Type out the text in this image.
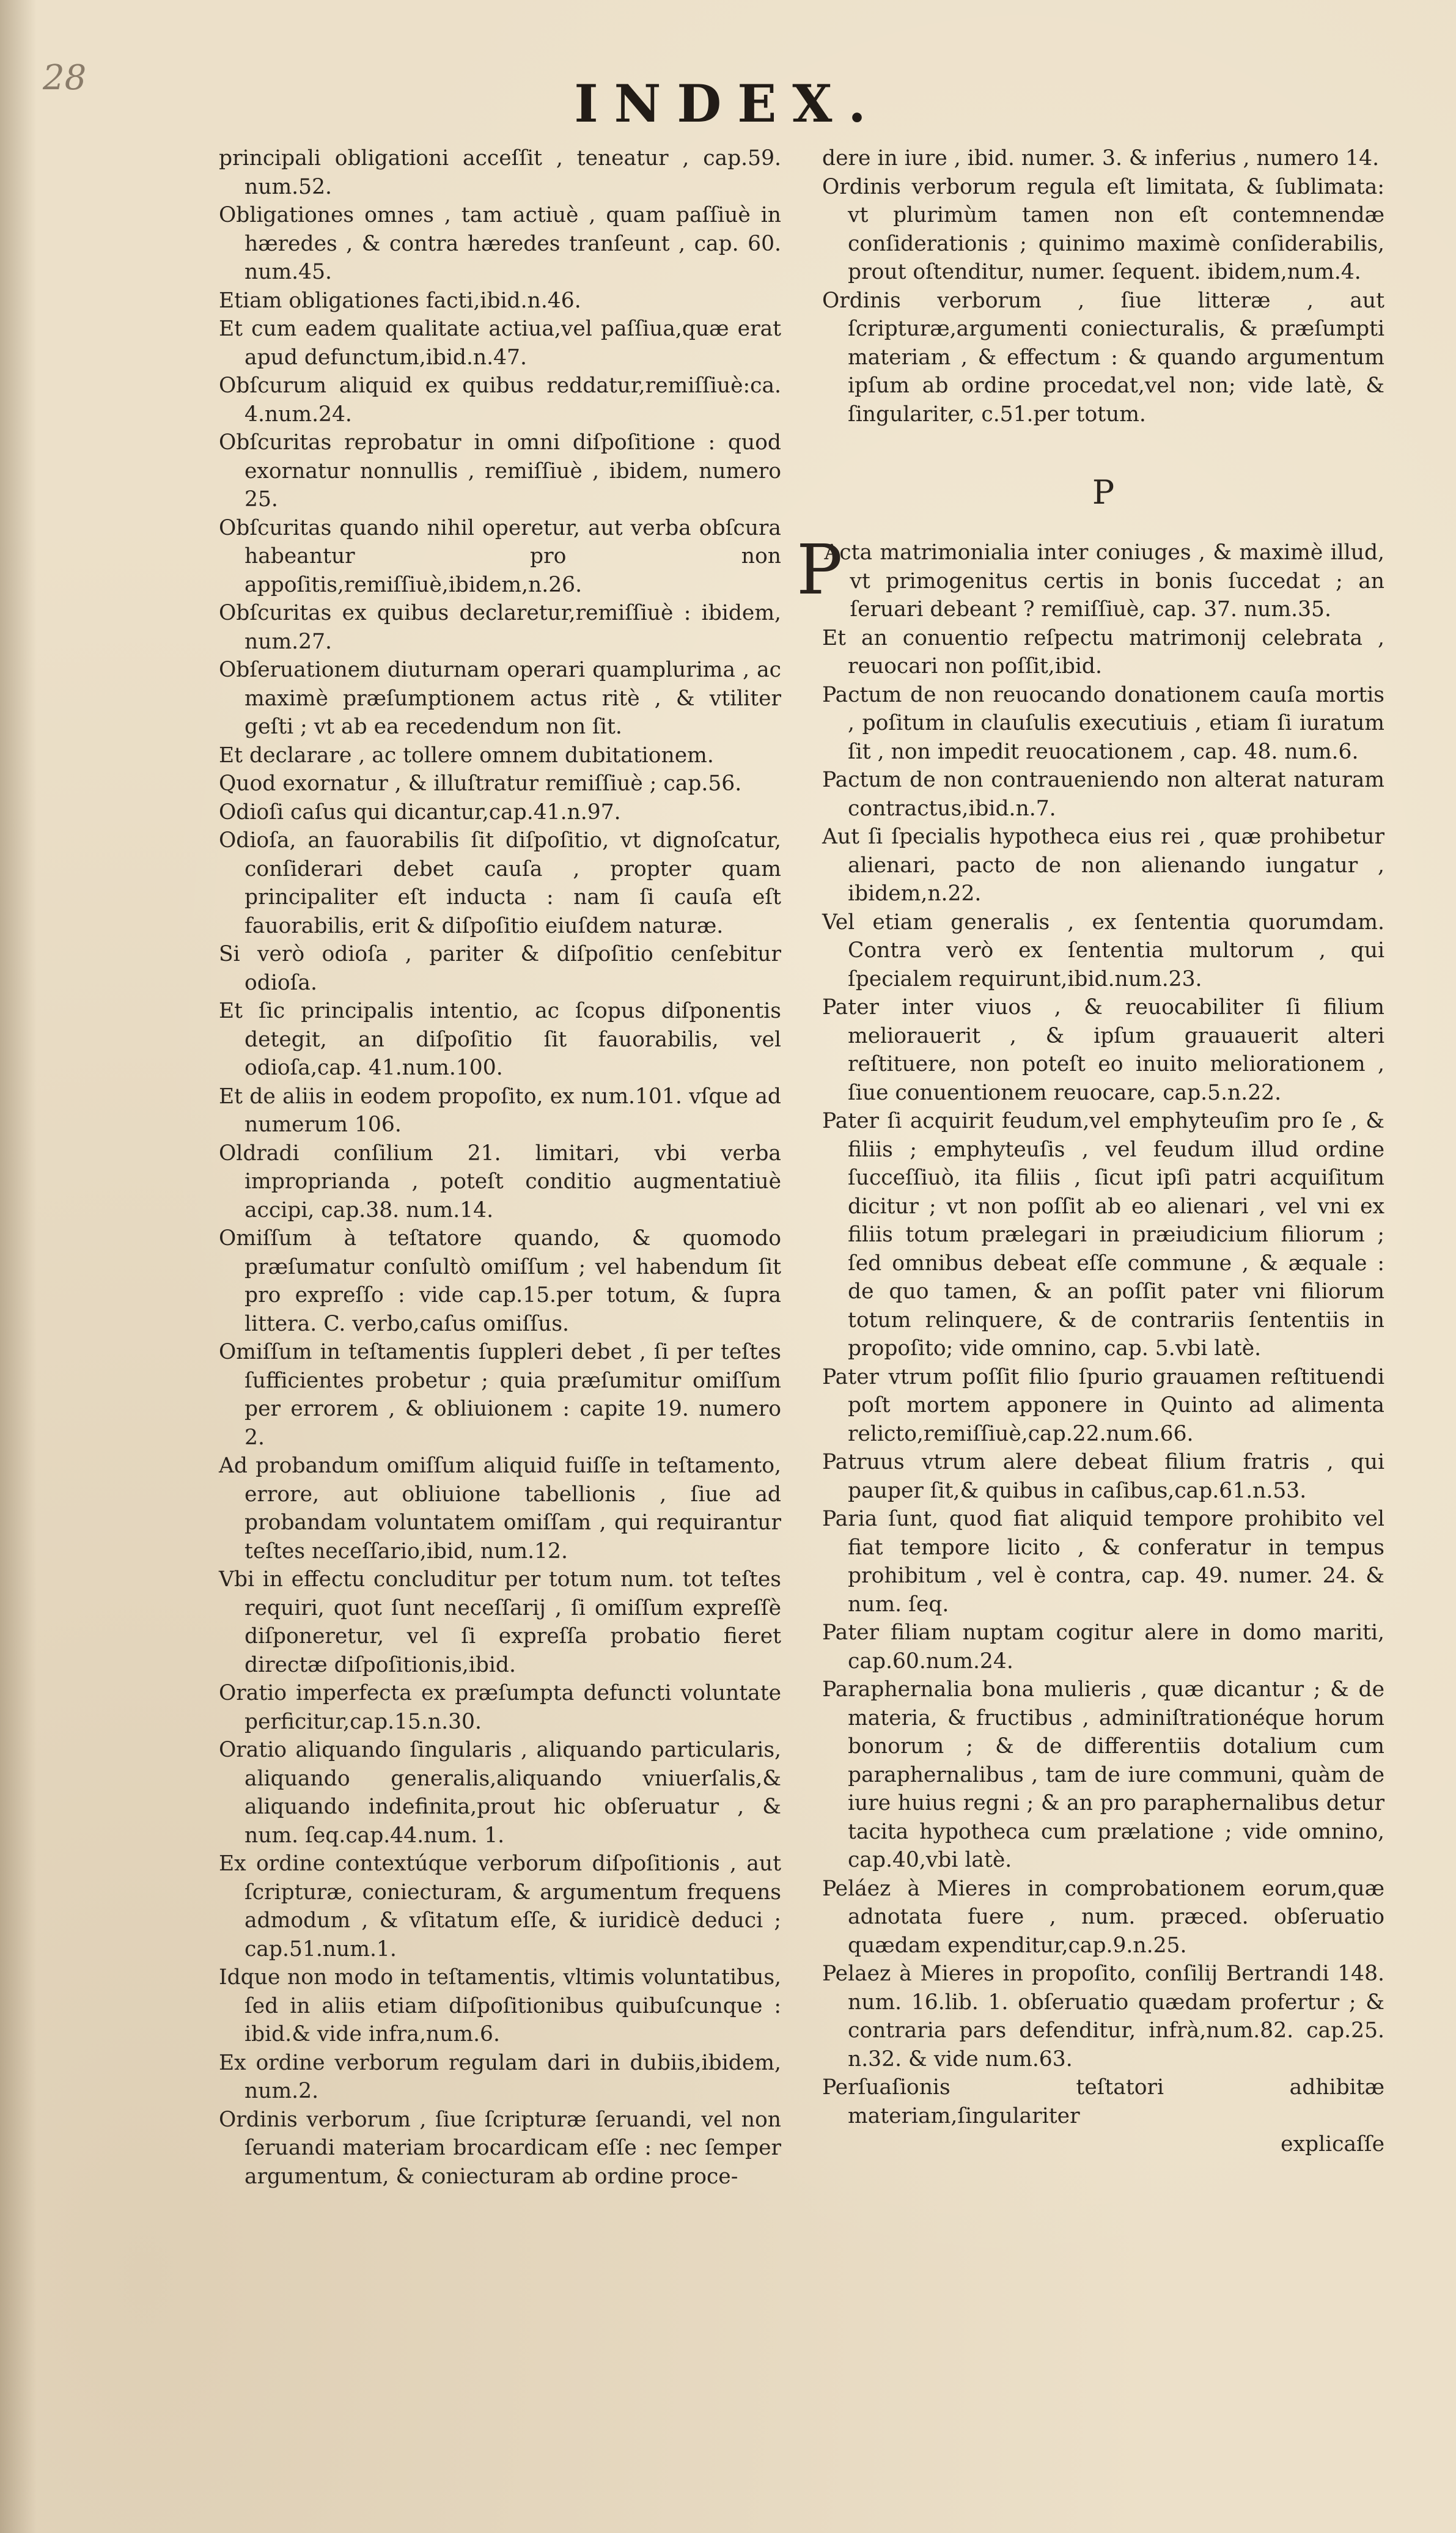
28	INDEX.

principali obligationi acceſſit , teneatur , cap.59. num.52.

Obligationes omnes , tam actiuè , quam paſſiuè in hæredes , & contra hæredes tranſeunt , cap. 60. num.45.

Etiam obligationes facti,ibid.n.46.

Et cum eadem qualitate actiua,vel paſſiua,quæ erat apud defunctum,ibid.n.47.

Obſcurum aliquid ex quibus reddatur,remiſſiuè:ca. 4.num.24.

Obſcuritas reprobatur in omni diſpoſitione : quod exornatur nonnullis , remiſſiuè , ibidem, numero 25.

Obſcuritas quando nihil operetur, aut verba obſcura habeantur pro non appoſitis,remiſſiuè,ibidem,n.26.

Obſcuritas ex quibus declaretur,remiſſiuè : ibidem, num.27.

Obſeruationem diuturnam operari quamplurima , ac maximè præſumptionem actus ritè , & vtiliter geſti ; vt ab ea recedendum non ſit.

Et declarare , ac tollere omnem dubitationem.

Quod exornatur , & illuſtratur remiſſiuè ; cap.56.

Odioſi caſus qui dicantur,cap.41.n.97.

Odioſa, an fauorabilis ſit diſpoſitio, vt dignoſcatur, conſiderari debet cauſa , propter quam principaliter eſt inducta : nam ſi cauſa eſt fauorabilis, erit & diſpoſitio eiuſdem naturæ.

Si verò odioſa , pariter & diſpoſitio cenſebitur odioſa.

Et ſic principalis intentio, ac ſcopus diſponentis detegit, an diſpoſitio ſit fauorabilis, vel odioſa,cap. 41.num.100.

Et de aliis in eodem propoſito, ex num.101. vſque ad numerum 106.

Oldradi conſilium 21. limitari, vbi verba improprianda , poteſt conditio augmentatiuè accipi, cap.38. num.14.

Omiſſum à teſtatore quando, & quomodo præſumatur conſultò omiſſum ; vel habendum ſit pro expreſſo : vide cap.15.per totum, & ſupra littera. C. verbo,caſus omiſſus.

Omiſſum in teſtamentis ſuppleri debet , ſi per teſtes ſufficientes probetur ; quia præſumitur omiſſum per errorem , & obliuionem : capite 19. numero 2.

Ad probandum omiſſum aliquid fuiſſe in teſtamento, errore, aut obliuione tabellionis , ſiue ad probandam voluntatem omiſſam , qui requirantur teſtes neceſſario,ibid, num.12.

Vbi in effectu concluditur per totum num. tot teſtes requiri, quot ſunt neceſſarij , ſi omiſſum expreſſè diſponeretur, vel ſi expreſſa probatio fieret directæ diſpoſitionis,ibid.

Oratio imperfecta ex præſumpta defuncti voluntate perficitur,cap.15.n.30.

Oratio aliquando ſingularis , aliquando particularis, aliquando generalis,aliquando vniuerſalis,& aliquando indefinita,prout hic obſeruatur , & num. ſeq.cap.44.num. 1.

Ex ordine contextúque verborum diſpoſitionis , aut ſcripturæ, coniecturam, & argumentum frequens admodum , & vſitatum eſſe, & iuridicè deduci ; cap.51.num.1.

Idque non modo in teſtamentis, vltimis voluntatibus, ſed in aliis etiam diſpoſitionibus quibuſcunque : ibid.& vide infra,num.6.

Ex ordine verborum regulam dari in dubiis,ibidem, num.2.

Ordinis verborum , ſiue ſcripturæ ſeruandi, vel non ſeruandi materiam brocardicam eſſe : nec ſemper argumentum, & coniecturam ab ordine proce-

dere in iure , ibid. numer. 3. & inferius , numero 14.

Ordinis verborum regula eſt limitata, & ſublimata: vt plurimùm tamen non eſt contemnendæ conſiderationis ; quinimo maximè conſiderabilis, prout oſtenditur, numer. ſequent. ibidem,num.4.

Ordinis verborum , ſiue litteræ , aut ſcripturæ,argumenti coniecturalis, & præſumpti materiam , & effectum : & quando argumentum ipſum ab ordine procedat,vel non; vide latè, & ſingulariter, c.51.per totum.

P

PActa matrimonialia inter coniuges , & maximè illud, vt primogenitus certis in bonis ſuccedat ; an ſeruari debeant ? remiſſiuè, cap. 37. num.35.

Et an conuentio reſpectu matrimonij celebrata , reuocari non poſſit,ibid.

Pactum de non reuocando donationem cauſa mortis , poſitum in clauſulis executiuis , etiam ſi iuratum ſit , non impedit reuocationem , cap. 48. num.6.

Pactum de non contraueniendo non alterat naturam contractus,ibid.n.7.

Aut ſi ſpecialis hypotheca eius rei , quæ prohibetur alienari, pacto de non alienando iungatur , ibidem,n.22.

Vel etiam generalis , ex ſententia quorumdam. Contra verò ex ſententia multorum , qui ſpecialem requirunt,ibid.num.23.

Pater inter viuos , & reuocabiliter ſi filium meliorauerit , & ipſum grauauerit alteri reſtituere, non poteſt eo inuito meliorationem , ſiue conuentionem reuocare, cap.5.n.22.

Pater ſi acquirit feudum,vel emphyteuſim pro ſe , & filiis ; emphyteuſis , vel feudum illud ordine ſucceſſiuò, ita filiis , ſicut ipſi patri acquiſitum dicitur ; vt non poſſit ab eo alienari , vel vni ex filiis totum prælegari in præiudicium filiorum ; ſed omnibus debeat eſſe commune , & æquale : de quo tamen, & an poſſit pater vni filiorum totum relinquere, & de contrariis ſententiis in propoſito; vide omnino, cap. 5.vbi latè.

Pater vtrum poſſit filio ſpurio grauamen reſtituendi poſt mortem apponere in Quinto ad alimenta relicto,remiſſiuè,cap.22.num.66.

Patruus vtrum alere debeat filium fratris , qui pauper ſit,& quibus in caſibus,cap.61.n.53.

Paria ſunt, quod fiat aliquid tempore prohibito vel fiat tempore licito , & conferatur in tempus prohibitum , vel è contra, cap. 49. numer. 24. & num. ſeq.

Pater filiam nuptam cogitur alere in domo mariti, cap.60.num.24.

Paraphernalia bona mulieris , quæ dicantur ; & de materia, & fructibus , adminiſtrationéque horum bonorum ; & de differentiis dotalium cum paraphernalibus , tam de iure communi, quàm de iure huius regni ; & an pro paraphernalibus detur tacita hypotheca cum prælatione ; vide omnino, cap.40,vbi latè.

Peláez à Mieres in comprobationem eorum,quæ adnotata fuere , num. præced. obſeruatio quædam expenditur,cap.9.n.25.

Pelaez à Mieres in propoſito, conſilij Bertrandi 148. num. 16.lib. 1. obſeruatio quædam profertur ; & contraria pars defenditur, infrà,num.82. cap.25. n.32. & vide num.63.

Perſuaſionis teſtatori adhibitæ materiam,ſingulariter

explicaſſe
